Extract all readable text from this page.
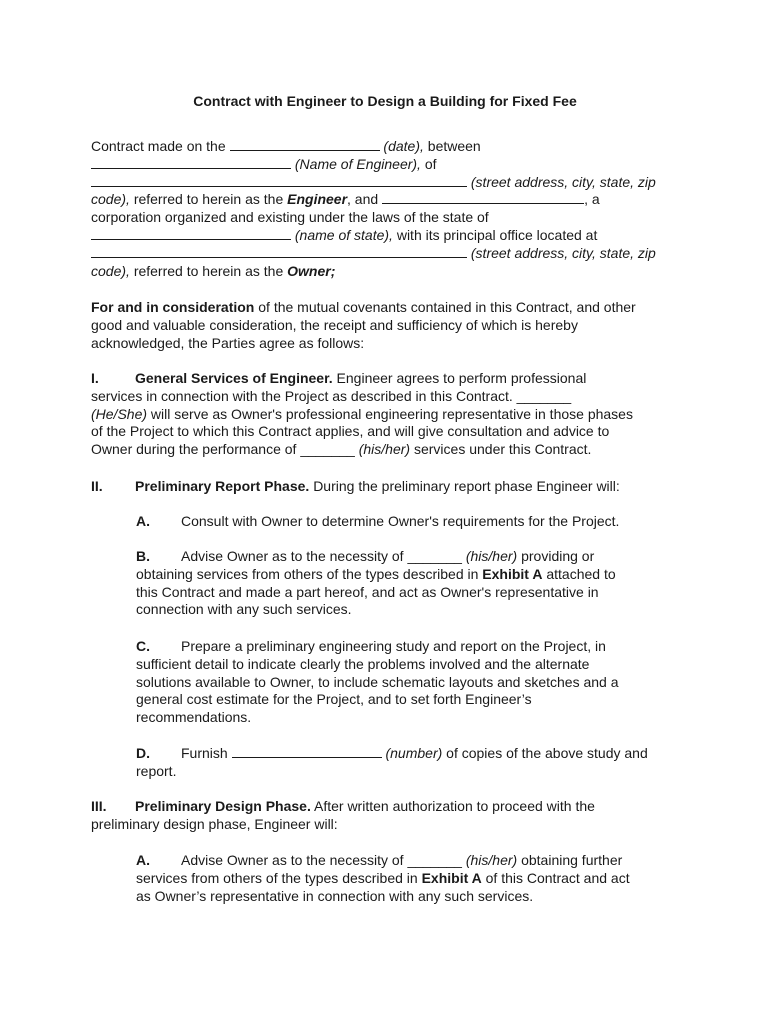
Contract with Engineer to Design a Building for Fixed Fee
Contract made on the	(date), between
(Name of Engineer), of
(street address, city, state, zip
code), referred to herein as the Engineer, and	, a
corporation organized and existing under the laws of the state of
(name of state), with its principal office located at
(street address, city, state, zip
code), referred to herein as the Owner;
For and in consideration of the mutual covenants contained in this Contract, and other
good and valuable consideration, the receipt and sufficiency of which is hereby
acknowledged, the Parties agree as follows:
I.	General Services of Engineer. Engineer agrees to perform professional
services in connection with the Project as described in this Contract. _______
(He/She) will serve as Owner's professional engineering representative in those phases
of the Project to which this Contract applies, and will give consultation and advice to
Owner during the performance of _______ (his/her) services under this Contract.
II. Preliminary Report Phase. During the preliminary report phase Engineer will:
A. Consult with Owner to determine Owner's requirements for the Project.
B. Advise Owner as to the necessity of _______ (his/her) providing or
obtaining services from others of the types described in Exhibit A attached to
this Contract and made a part hereof, and act as Owner's representative in
connection with any such services.
C. Prepare a preliminary engineering study and report on the Project, in
sufficient detail to indicate clearly the problems involved and the alternate
solutions available to Owner, to include schematic layouts and sketches and a
general cost estimate for the Project, and to set forth Engineer’s
recommendations.
D. Furnish	(number) of copies of the above study and
report.
III. Preliminary Design Phase. After written authorization to proceed with the
preliminary design phase, Engineer will:
A. Advise Owner as to the necessity of _______ (his/her) obtaining further
services from others of the types described in Exhibit A of this Contract and act
as Owner’s representative in connection with any such services.
